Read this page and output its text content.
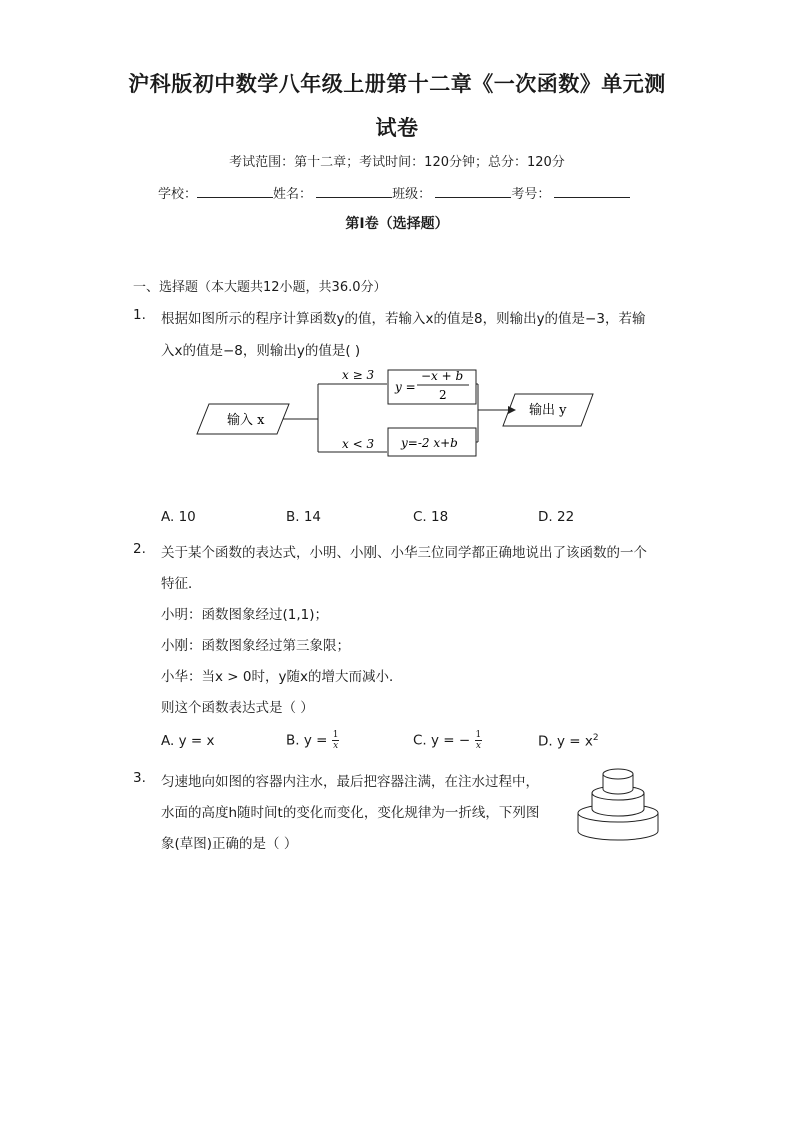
沪科版初中数学八年级上册第十二章《一次函数》单元测
试卷
考试范围：第十二章；考试时间：120分钟；总分：120分
学校：	姓名：	班级：	考号：
第I卷（选择题）
一、选择题（本大题共12小题，共36.0分）
1. 根据如图所示的程序计算函数y的值，若输入x的值是8，则输出y的值是−3，若输
入x的值是−8，则输出y的值是( )
输入 x
输出 y
x ≥ 3
x < 3
y =
−x + b
2
y=-2 x+b
A. 10	B. 14	C. 18	D. 22
2. 关于某个函数的表达式，小明、小刚、小华三位同学都正确地说出了该函数的一个
特征．
小明：函数图象经过(1,1)；
小刚：函数图象经过第三象限；
小华：当x > 0时，y随x的增大而减小．
则这个函数表达式是（ ）
A. y = x	B. $y = \frac{1}{x}$	C. y = − $\frac{1}{x}$	D. $y = x^2$
3. 匀速地向如图的容器内注水，最后把容器注满，在注水过程中，
水面的高度h随时间t的变化而变化，变化规律为一折线，下列图
象(草图)正确的是（ ）
